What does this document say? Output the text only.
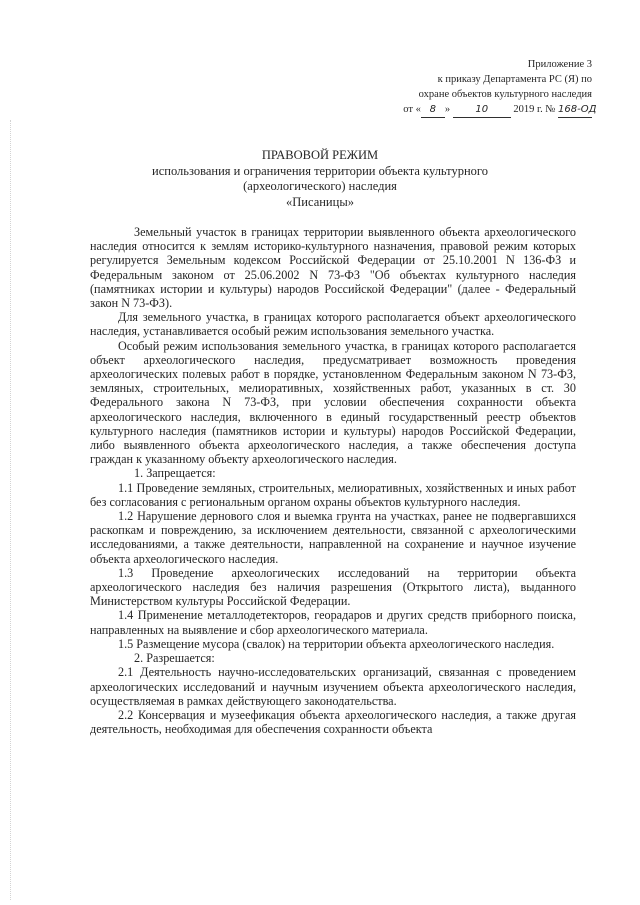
Приложение 3
к приказу Департамента РС (Я) по
охране объектов культурного наследия
от « 8 »	10 2019 г. № 168-ОД
ПРАВОВОЙ РЕЖИМ
использования и ограничения территории объекта культурного
(археологического) наследия
«Писаницы»

Земельный участок в границах территории выявленного объекта археологического наследия относится к землям историко-культурного назначения, правовой режим которых регулируется Земельным кодексом Российской Федерации от 25.10.2001 N 136-ФЗ и Федеральным законом от 25.06.2002 N 73-ФЗ "Об объектах культурного наследия (памятниках истории и культуры) народов Российской Федерации" (далее - Федеральный закон N 73-ФЗ).

Для земельного участка, в границах которого располагается объект археологического наследия, устанавливается особый режим использования земельного участка.

Особый режим использования земельного участка, в границах которого располагается объект археологического наследия, предусматривает возможность проведения археологических полевых работ в порядке, установленном Федеральным законом N 73-ФЗ, земляных, строительных, мелиоративных, хозяйственных работ, указанных в ст. 30 Федерального закона N 73-ФЗ, при условии обеспечения сохранности объекта археологического наследия, включенного в единый государственный реестр объектов культурного наследия (памятников истории и культуры) народов Российской Федерации, либо выявленного объекта археологического наследия, а также обеспечения доступа граждан к указанному объекту археологического наследия.

1. Запрещается:

1.1 Проведение земляных, строительных, мелиоративных, хозяйственных и иных работ без согласования с региональным органом охраны объектов культурного наследия.

1.2 Нарушение дернового слоя и выемка грунта на участках, ранее не подвергавшихся раскопкам и повреждению, за исключением деятельности, связанной с археологическими исследованиями, а также деятельности, направленной на сохранение и научное изучение объекта археологического наследия.

1.3 Проведение археологических исследований на территории объекта археологического наследия без наличия разрешения (Открытого листа), выданного Министерством культуры Российской Федерации.

1.4 Применение металлодетекторов, георадаров и других средств приборного поиска, направленных на выявление и сбор археологического материала.

1.5 Размещение мусора (свалок) на территории объекта археологического наследия.

2. Разрешается:

2.1 Деятельность научно-исследовательских организаций, связанная с проведением археологических исследований и научным изучением объекта археологического наследия, осуществляемая в рамках действующего законодательства.

2.2 Консервация и музеефикация объекта археологического наследия, а также другая деятельность, необходимая для обеспечения сохранности объекта
